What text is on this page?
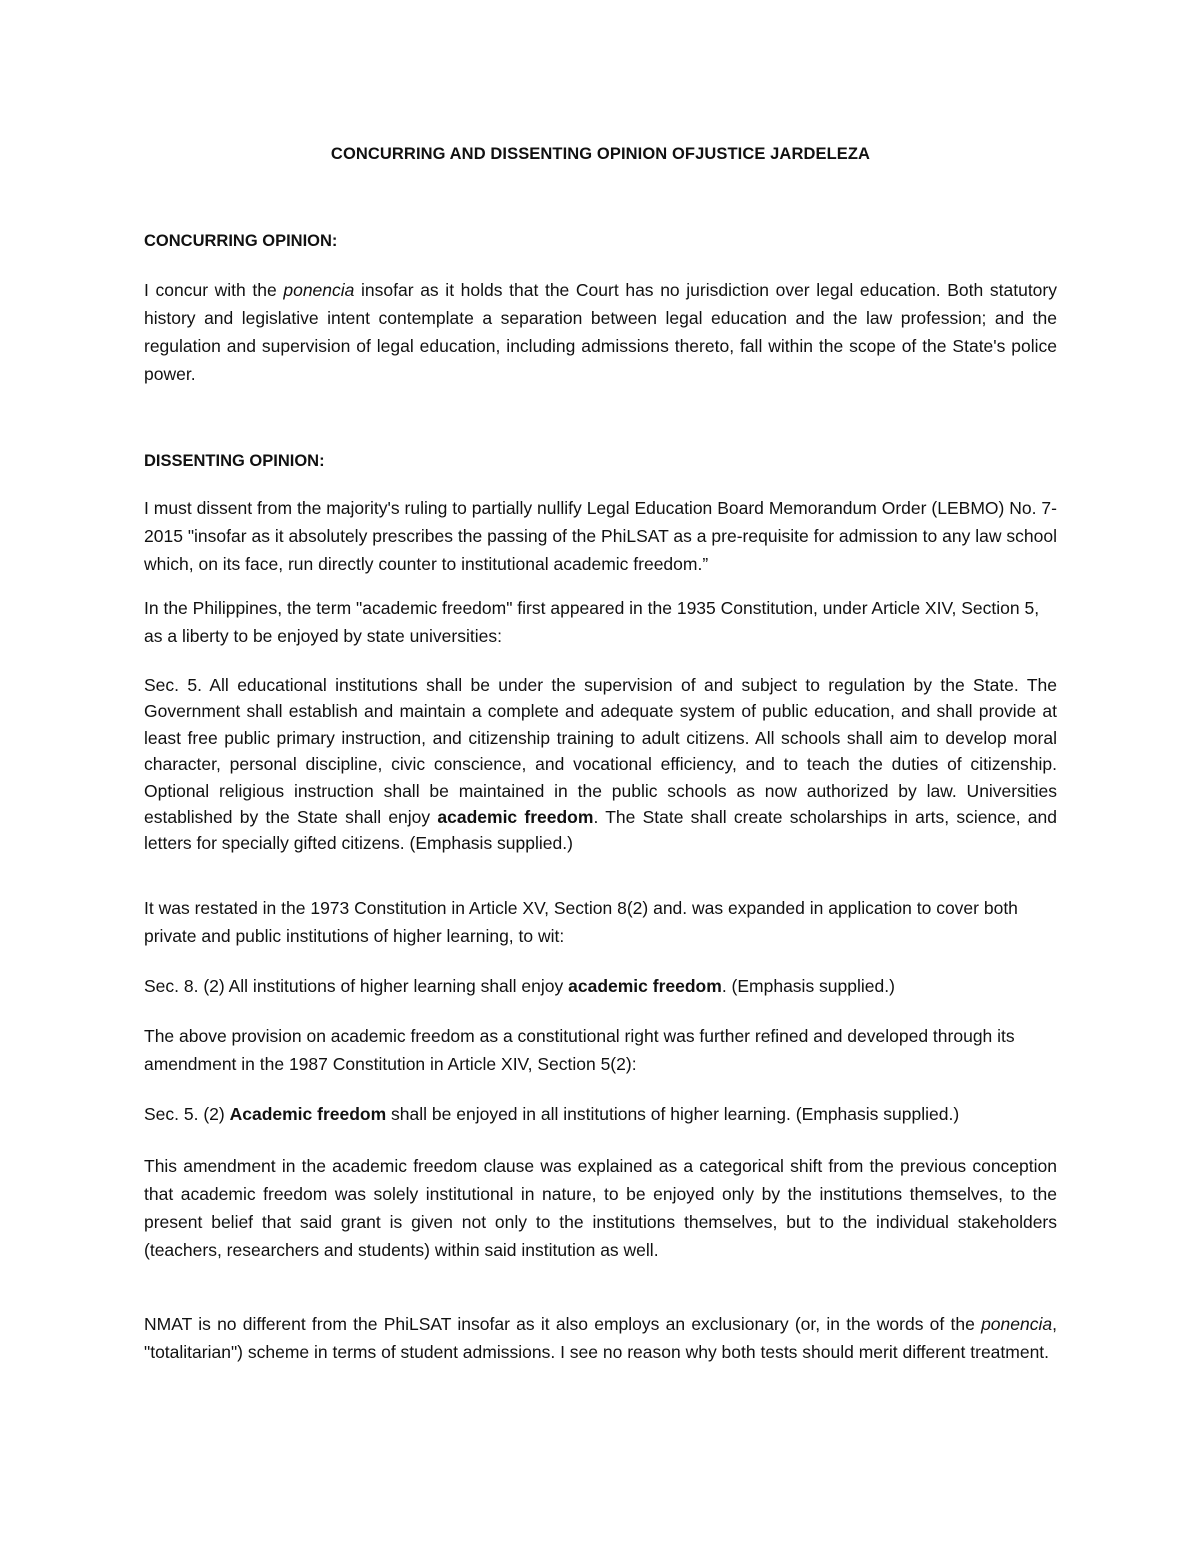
CONCURRING AND DISSENTING OPINION OFJUSTICE JARDELEZA
CONCURRING OPINION:

I concur with the ponencia insofar as it holds that the Court has no jurisdiction over legal education. Both statutory history and legislative intent contemplate a separation between legal education and the law profession; and the regulation and supervision of legal education, including admissions thereto, fall within the scope of the State's police power.

DISSENTING OPINION:

I must dissent from the majority's ruling to partially nullify Legal Education Board Memorandum Order (LEBMO) No. 7-2015 "insofar as it absolutely prescribes the passing of the PhiLSAT as a pre-requisite for admission to any law school which, on its face, run directly counter to institutional academic freedom.”

In the Philippines, the term "academic freedom" first appeared in the 1935 Constitution, under Article XIV, Section 5, as a liberty to be enjoyed by state universities:

Sec. 5. All educational institutions shall be under the supervision of and subject to regulation by the State. The Government shall establish and maintain a complete and adequate system of public education, and shall provide at least free public primary instruction, and citizenship training to adult citizens. All schools shall aim to develop moral character, personal discipline, civic conscience, and vocational efficiency, and to teach the duties of citizenship. Optional religious instruction shall be maintained in the public schools as now authorized by law. Universities established by the State shall enjoy academic freedom. The State shall create scholarships in arts, science, and letters for specially gifted citizens. (Emphasis supplied.)

It was restated in the 1973 Constitution in Article XV, Section 8(2) and. was expanded in application to cover both private and public institutions of higher learning, to wit:

Sec. 8. (2) All institutions of higher learning shall enjoy academic freedom. (Emphasis supplied.)

The above provision on academic freedom as a constitutional right was further refined and developed through its amendment in the 1987 Constitution in Article XIV, Section 5(2):

Sec. 5. (2) Academic freedom shall be enjoyed in all institutions of higher learning. (Emphasis supplied.)

This amendment in the academic freedom clause was explained as a categorical shift from the previous conception that academic freedom was solely institutional in nature, to be enjoyed only by the institutions themselves, to the present belief that said grant is given not only to the institutions themselves, but to the individual stakeholders (teachers, researchers and students) within said institution as well.

NMAT is no different from the PhiLSAT insofar as it also employs an exclusionary (or, in the words of the ponencia, "totalitarian") scheme in terms of student admissions. I see no reason why both tests should merit different treatment.
